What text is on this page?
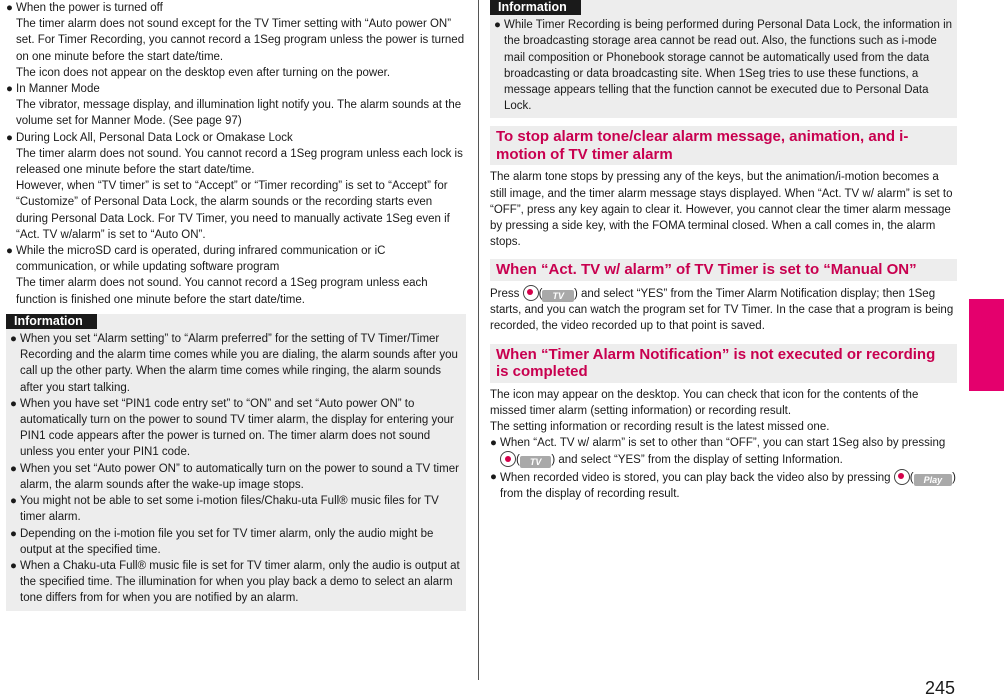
● When the power is turned off
The timer alarm does not sound except for the TV Timer setting with “Auto power ON” set. For Timer Recording, you cannot record a 1Seg program unless the power is turned on one minute before the start date/time.
The icon does not appear on the desktop even after turning on the power.
● In Manner Mode
The vibrator, message display, and illumination light notify you. The alarm sounds at the volume set for Manner Mode. (See page 97)
● During Lock All, Personal Data Lock or Omakase Lock
The timer alarm does not sound. You cannot record a 1Seg program unless each lock is released one minute before the start date/time.
However, when “TV timer” is set to “Accept” or “Timer recording” is set to “Accept” for “Customize” of Personal Data Lock, the alarm sounds or the recording starts even during Personal Data Lock. For TV Timer, you need to manually activate 1Seg even if “Act. TV w/alarm” is set to “Auto ON”.
● While the microSD card is operated, during infrared communication or iC communication, or while updating software program
The timer alarm does not sound. You cannot record a 1Seg program unless each function is finished one minute before the start date/time.
Information
● When you set “Alarm setting” to “Alarm preferred” for the setting of TV Timer/Timer Recording and the alarm time comes while you are dialing, the alarm sounds after you call up the other party. When the alarm time comes while ringing, the alarm sounds after you start talking.
● When you have set “PIN1 code entry set” to “ON” and set “Auto power ON” to automatically turn on the power to sound TV timer alarm, the display for entering your PIN1 code appears after the power is turned on. The timer alarm does not sound unless you enter your PIN1 code.
● When you set “Auto power ON” to automatically turn on the power to sound a TV timer alarm, the alarm sounds after the wake-up image stops.
● You might not be able to set some i-motion files/Chaku-uta Full® music files for TV timer alarm.
● Depending on the i-motion file you set for TV timer alarm, only the audio might be output at the specified time.
● When a Chaku-uta Full® music file is set for TV timer alarm, only the audio is output at the specified time. The illumination for when you play back a demo to select an alarm tone differs from for when you are notified by an alarm.
Information
● While Timer Recording is being performed during Personal Data Lock, the information in the broadcasting storage area cannot be read out. Also, the functions such as i-mode mail composition or Phonebook storage cannot be automatically used from the data broadcasting or data broadcasting site. When 1Seg tries to use these functions, a message appears telling that the function cannot be executed due to Personal Data Lock.
To stop alarm tone/clear alarm message, animation, and i-motion of TV timer alarm
The alarm tone stops by pressing any of the keys, but the animation/i-motion becomes a still image, and the timer alarm message stays displayed. When “Act. TV w/ alarm” is set to “OFF”, press any key again to clear it. However, you cannot clear the timer alarm message by pressing a side key, with the FOMA terminal closed. When a call comes in, the alarm stops.
When “Act. TV w/ alarm” of TV Timer is set to “Manual ON”
Press ( TV ) and select “YES” from the Timer Alarm Notification display; then 1Seg starts, and you can watch the program set for TV Timer. In the case that a program is being recorded, the video recorded up to that point is saved.
When “Timer Alarm Notification” is not executed or recording is completed
The icon may appear on the desktop. You can check that icon for the contents of the missed timer alarm (setting information) or recording result.
The setting information or recording result is the latest missed one.
● When “Act. TV w/ alarm” is set to other than “OFF”, you can start 1Seg also by pressing ( TV ) and select “YES” from the display of setting Information.
● When recorded video is stored, you can play back the video also by pressing ( Play ) from the display of recording result.
1Seg
245
